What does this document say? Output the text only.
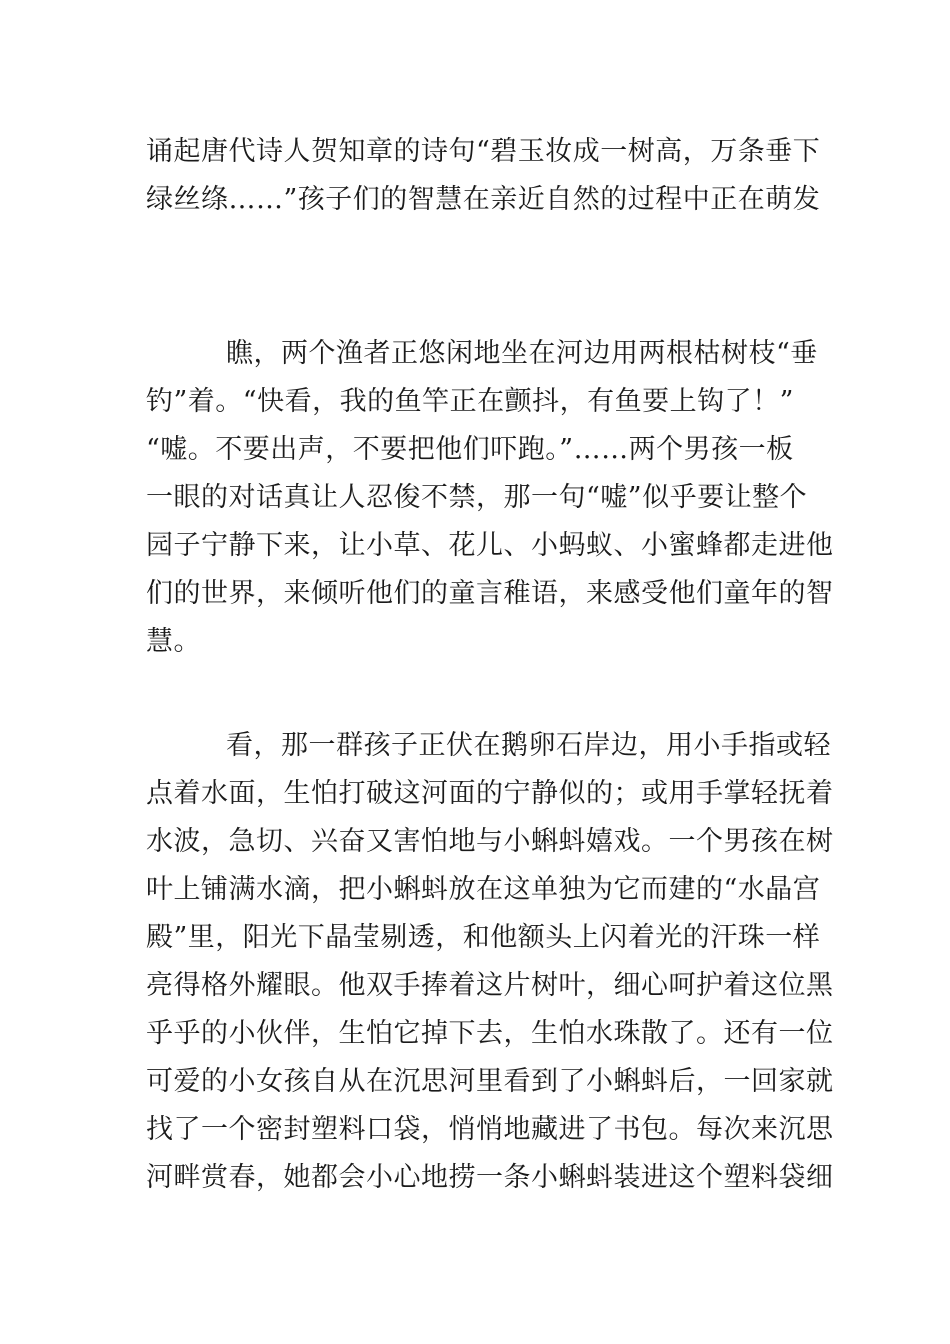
诵起唐代诗人贺知章的诗句“碧玉妆成一树高，万条垂下
绿丝绦……”孩子们的智慧在亲近自然的过程中正在萌发
瞧，两个渔者正悠闲地坐在河边用两根枯树枝“垂
钓”着。“快看，我的鱼竿正在颤抖，有鱼要上钩了！”
“嘘。不要出声，不要把他们吓跑。”……两个男孩一板
一眼的对话真让人忍俊不禁，那一句“嘘”似乎要让整个
园子宁静下来，让小草、花儿、小蚂蚁、小蜜蜂都走进他
们的世界，来倾听他们的童言稚语，来感受他们童年的智
慧。
看，那一群孩子正伏在鹅卵石岸边，用小手指或轻
点着水面，生怕打破这河面的宁静似的；或用手掌轻抚着
水波，急切、兴奋又害怕地与小蝌蚪嬉戏。一个男孩在树
叶上铺满水滴，把小蝌蚪放在这单独为它而建的“水晶宫
殿”里，阳光下晶莹剔透，和他额头上闪着光的汗珠一样
亮得格外耀眼。他双手捧着这片树叶，细心呵护着这位黑
乎乎的小伙伴，生怕它掉下去，生怕水珠散了。还有一位
可爱的小女孩自从在沉思河里看到了小蝌蚪后，一回家就
找了一个密封塑料口袋，悄悄地藏进了书包。每次来沉思
河畔赏春，她都会小心地捞一条小蝌蚪装进这个塑料袋细
